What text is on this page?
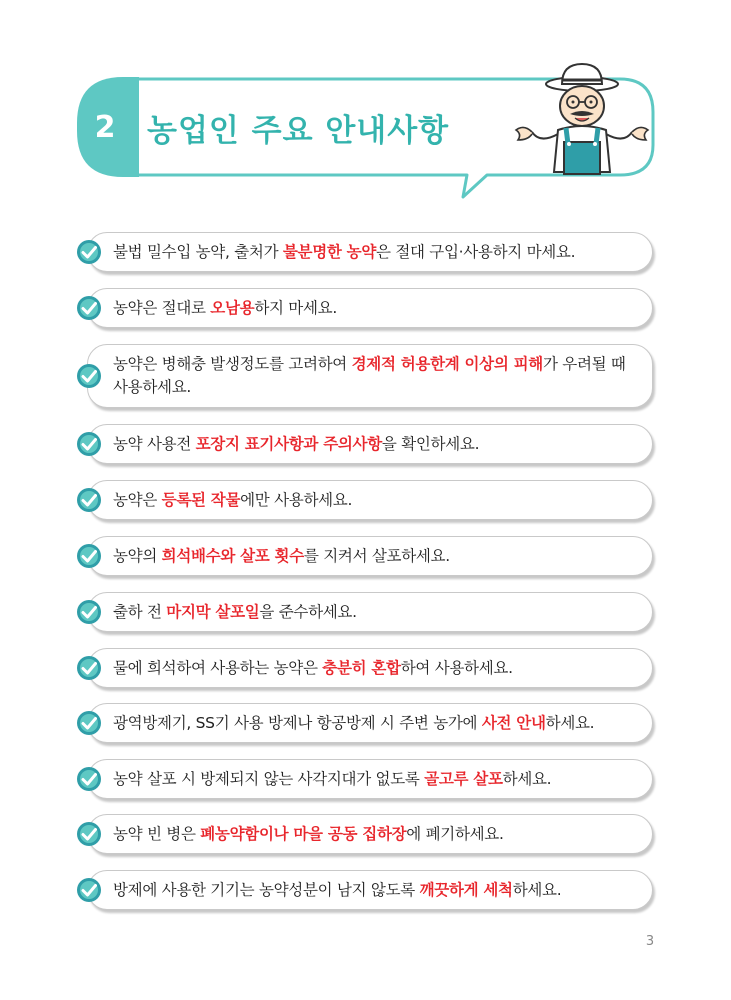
2	농업인 주요 안내사항
불법 밀수입 농약, 출처가 불분명한 농약은 절대 구입·사용하지 마세요.
농약은 절대로 오남용하지 마세요.
농약은 병해충 발생정도를 고려하여 경제적 허용한계 이상의 피해가 우려될 때 사용하세요.
농약 사용전 포장지 표기사항과 주의사항을 확인하세요.
농약은 등록된 작물에만 사용하세요.
농약의 희석배수와 살포 횟수를 지켜서 살포하세요.
출하 전 마지막 살포일을 준수하세요.
물에 희석하여 사용하는 농약은 충분히 혼합하여 사용하세요.
광역방제기, SS기 사용 방제나 항공방제 시 주변 농가에 사전 안내하세요.
농약 살포 시 방제되지 않는 사각지대가 없도록 골고루 살포하세요.
농약 빈 병은 폐농약함이나 마을 공동 집하장에 폐기하세요.
방제에 사용한 기기는 농약성분이 남지 않도록 깨끗하게 세척하세요.
3
